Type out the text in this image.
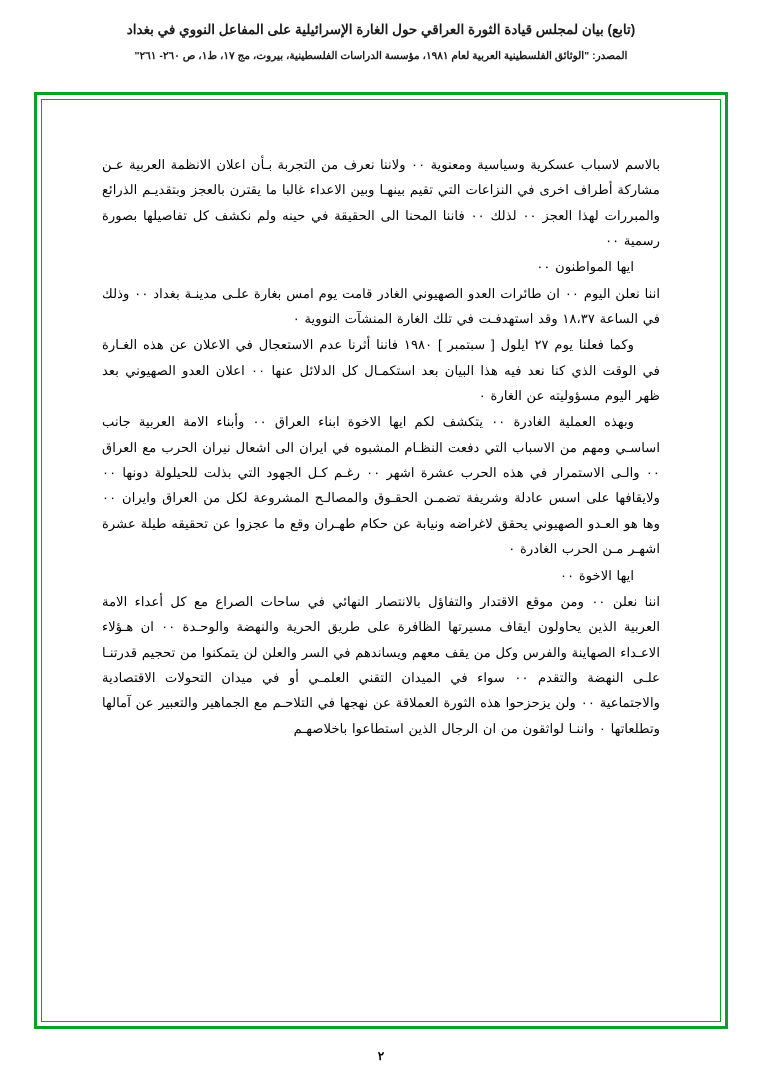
(تابع) بيان لمجلس قيادة الثورة العراقي حول الغارة الإسرائيلية على المفاعل النووي في بغداد
المصدر: "الوثائق الفلسطينية العربية لعام ١٩٨١، مؤسسة الدراسات الفلسطينية، بيروت، مج ١٧، ط١، ص ٢٦٠- ٢٦١"

بالاسم لاسباب عسكرية وسياسية ومعنوية ٠٠ ولاننا نعرف من التجربة بـأن اعلان الانظمة العربية عـن مشاركة أطراف اخرى في النزاعات التي تقيم بينهـا وبين الاعداء غالبا ما يقترن بالعجز وبتقديـم الذرائع والمبررات لهذا العجز ٠٠ لذلك ٠٠ فاننا المحنا الى الحقيقة في حينه ولم نكشف كل تفاصيلها بصورة رسمية ٠٠

ايها المواطنون ٠٠

اننا نعلن اليوم ٠٠ ان طائرات العدو الصهيوني الغادر قامت يوم امس بغارة علـى مدينـة بغداد ٠٠ وذلك في الساعة ١٨،٣٧ وقد استهدفـت في تلك الغارة المنشآت النووية ٠

وكما فعلنا يوم ٢٧ ايلول [ سبتمبر ] ١٩٨٠ فاننا أثرنا عدم الاستعجال في الاعلان عن هذه الغـارة في الوقت الذي كنا نعد فيه هذا البيان بعد استكمـال كل الدلائل عنها ٠٠ اعلان العدو الصهيوني بعد ظهر اليوم مسؤوليته عن الغارة ٠

وبهذه العملية الغادرة ٠٠ يتكشف لكم ايها الاخوة ابناء العراق ٠٠ وأبناء الامة العربية جانب اساسـي ومهم من الاسباب التي دفعت النظـام المشبوه في ايران الى اشعال نيران الحرب مع العراق ٠٠ والـى الاستمرار في هذه الحرب عشرة اشهر ٠٠ رغـم كـل الجهود التي بذلت للحيلولة دونها ٠٠ ولايقافها على اسس عادلة وشريفة تضمـن الحقـوق والمصالـح المشروعة لكل من العراق وايران ٠٠ وها هو العـدو الصهيوني يحقق لاغراضه ونيابة عن حكام طهـران وقع ما عجزوا عن تحقيقه طيلة عشرة اشهـر مـن الحرب الغادرة ٠

ايها الاخوة ٠٠

اننا نعلن ٠٠ ومن موقع الاقتدار والتفاؤل بالانتصار النهائي في ساحات الصراع مع كل أعداء الامة العربية الذين يحاولون ايقاف مسيرتها الظافرة على طريق الحرية والنهضة والوحـدة ٠٠ ان هـؤلاء الاعـداء الصهاينة والفرس وكل من يقف معهم ويساندهم في السر والعلن لن يتمكنوا من تحجيم قدرتنـا علـى النهضة والتقدم ٠٠ سواء في الميدان التقني العلمـي أو في ميدان التحولات الاقتصادية والاجتماعية ٠٠ ولن يزحزحوا هذه الثورة العملاقة عن نهجها في التلاحـم مع الجماهير والتعبير عن آمالها وتطلعاتها ٠ واننـا لواثقون من ان الرجال الذين استطاعوا باخلاصهـم

٢
